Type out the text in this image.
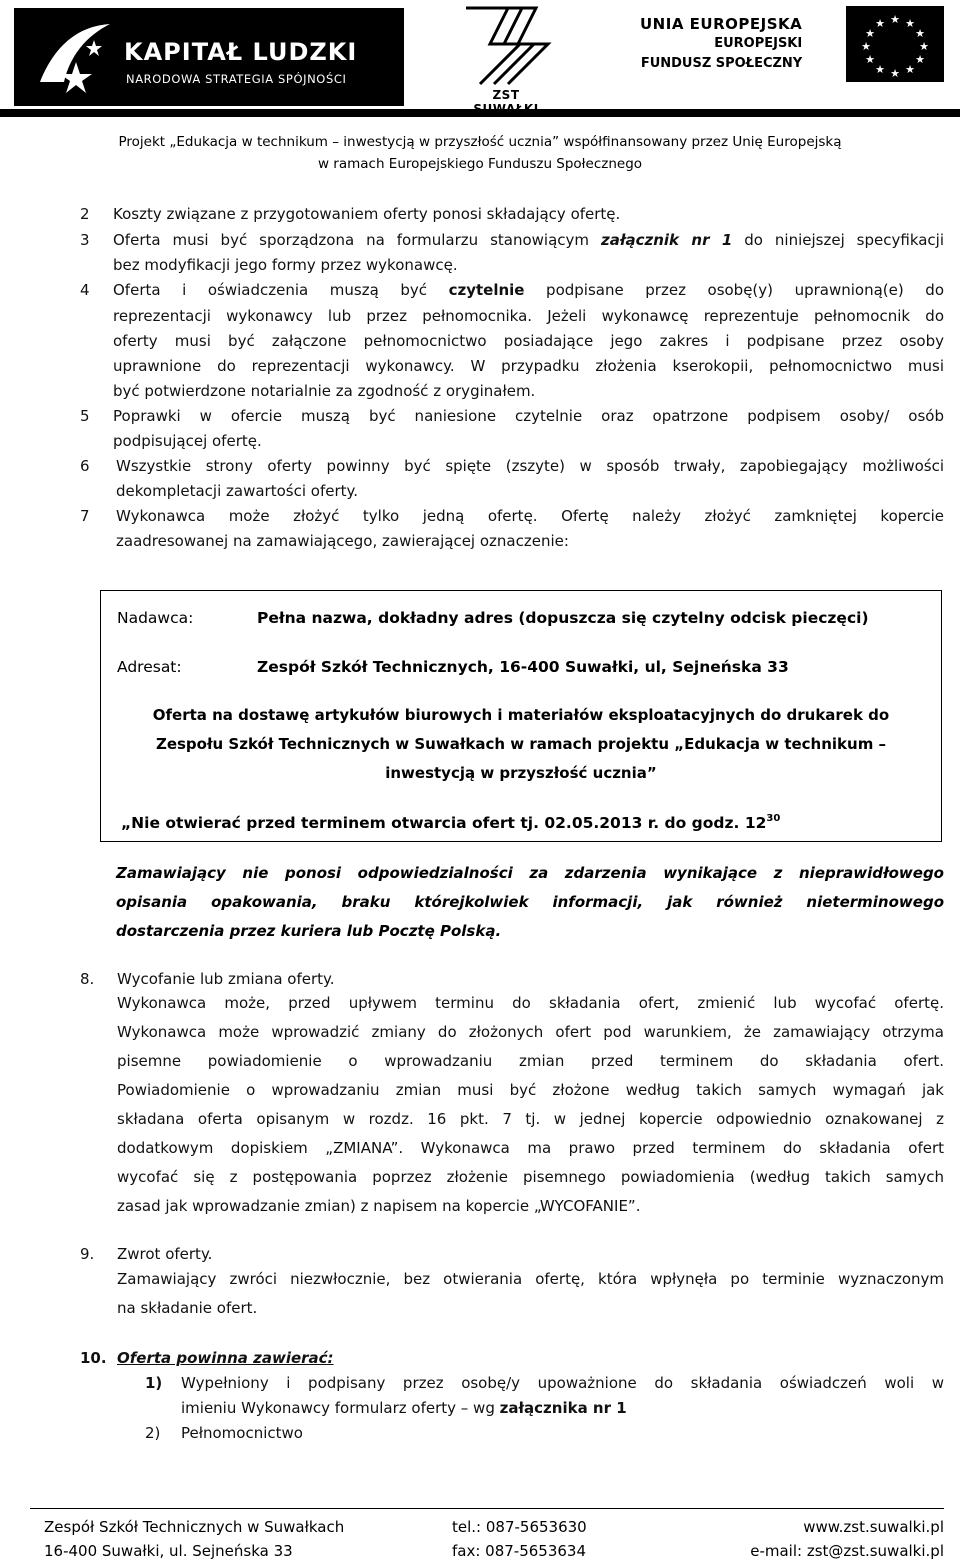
KAPITAŁ LUDZKI
NARODOWA STRATEGIA SPÓJNOŚCI
ZST
UNIA EUROPEJSKA
EUROPEJSKI
FUNDUSZ SPOŁECZNY
★ ★
★
★
★
★
★
★
★
★
★
★
Projekt „Edukacja w technikum – inwestycją w przyszłość ucznia” współfinansowany przez Unię Europejską
w ramach Europejskiego Funduszu Społecznego
2 Koszty związane z przygotowaniem oferty ponosi składający ofertę.
3 Oferta musi być sporządzona na formularzu stanowiącym załącznik nr 1 do niniejszej specyfikacji
bez modyfikacji jego formy przez wykonawcę.
4 Oferta i oświadczenia muszą być czytelnie podpisane przez osobę(y) uprawnioną(e) do
reprezentacji wykonawcy lub przez pełnomocnika. Jeżeli wykonawcę reprezentuje pełnomocnik do
oferty musi być załączone pełnomocnictwo posiadające jego zakres i podpisane przez osoby
uprawnione do reprezentacji wykonawcy. W przypadku złożenia kserokopii, pełnomocnictwo musi
być potwierdzone notarialnie za zgodność z oryginałem.
5 Poprawki w ofercie muszą być naniesione czytelnie oraz opatrzone podpisem osoby/ osób
podpisującej ofertę.
6 Wszystkie strony oferty powinny być spięte (zszyte) w sposób trwały, zapobiegający możliwości
dekompletacji zawartości oferty.
7 Wykonawca może złożyć tylko jedną ofertę. Ofertę należy złożyć zamkniętej kopercie
zaadresowanej na zamawiającego, zawierającej oznaczenie:
Nadawca:	Pełna nazwa, dokładny adres (dopuszcza się czytelny odcisk pieczęci)
Adresat:	Zespół Szkół Technicznych, 16-400 Suwałki, ul, Sejneńska 33
Oferta na dostawę artykułów biurowych i materiałów eksploatacyjnych do drukarek do
Zespołu Szkół Technicznych w Suwałkach w ramach projektu „Edukacja w technikum –
inwestycją w przyszłość ucznia”
„Nie otwierać przed terminem otwarcia ofert tj. 02.05.2013 r. do godz. $12^{30}$
Zamawiający nie ponosi odpowiedzialności za zdarzenia wynikające z nieprawidłowego
opisania opakowania, braku którejkolwiek informacji, jak również nieterminowego
dostarczenia przez kuriera lub Pocztę Polską.
8. Wycofanie lub zmiana oferty.
Wykonawca może, przed upływem terminu do składania ofert, zmienić lub wycofać ofertę.
Wykonawca może wprowadzić zmiany do złożonych ofert pod warunkiem, że zamawiający otrzyma
pisemne powiadomienie o wprowadzaniu zmian przed terminem do składania ofert.
Powiadomienie o wprowadzaniu zmian musi być złożone według takich samych wymagań jak
składana oferta opisanym w rozdz. 16 pkt. 7 tj. w jednej kopercie odpowiednio oznakowanej z
dodatkowym dopiskiem „ZMIANA”. Wykonawca ma prawo przed terminem do składania ofert
wycofać się z postępowania poprzez złożenie pisemnego powiadomienia (według takich samych
zasad jak wprowadzanie zmian) z napisem na kopercie „WYCOFANIE”.
9. Zwrot oferty.
Zamawiający zwróci niezwłocznie, bez otwierania ofertę, która wpłynęła po terminie wyznaczonym
na składanie ofert.
10. Oferta powinna zawierać:
1) Wypełniony i podpisany przez osobę/y upoważnione do składania oświadczeń woli w
imieniu Wykonawcy formularz oferty – wg załącznika nr 1
2) Pełnomocnictwo
Zespół Szkół Technicznych w Suwałkach
16-400 Suwałki, ul. Sejneńska 33
tel.: 087-5653630
fax: 087-5653634
www.zst.suwalki.pl
e-mail: zst@zst.suwalki.pl
